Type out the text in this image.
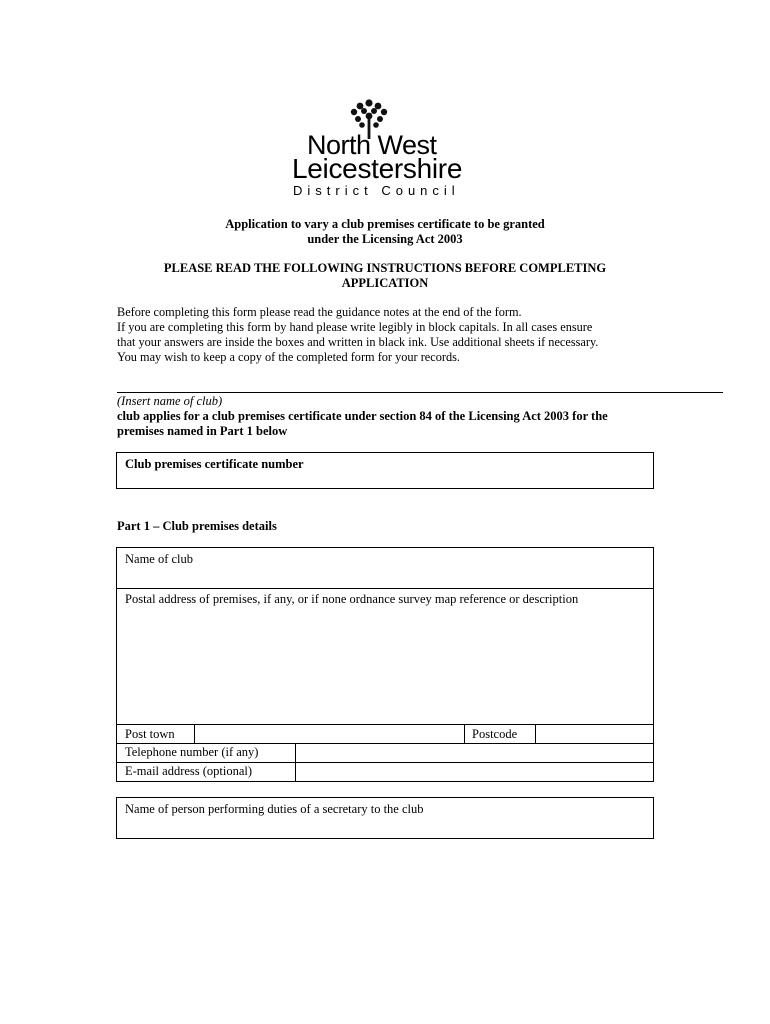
North West
Leicestershire
District Council
Application to vary a club premises certificate to be granted
under the Licensing Act 2003
PLEASE READ THE FOLLOWING INSTRUCTIONS BEFORE COMPLETING
APPLICATION
Before completing this form please read the guidance notes at the end of the form.
If you are completing this form by hand please write legibly in block capitals. In all cases ensure
that your answers are inside the boxes and written in black ink. Use additional sheets if necessary.
You may wish to keep a copy of the completed form for your records.
(Insert name of club)
club applies for a club premises certificate under section 84 of the Licensing Act 2003 for the
premises named in Part 1 below
Club premises certificate number
Part 1 – Club premises details
Name of club
Postal address of premises, if any, or if none ordnance survey map reference or description
Post town	Postcode
Telephone number (if any)
E-mail address (optional)
Name of person performing duties of a secretary to the club
